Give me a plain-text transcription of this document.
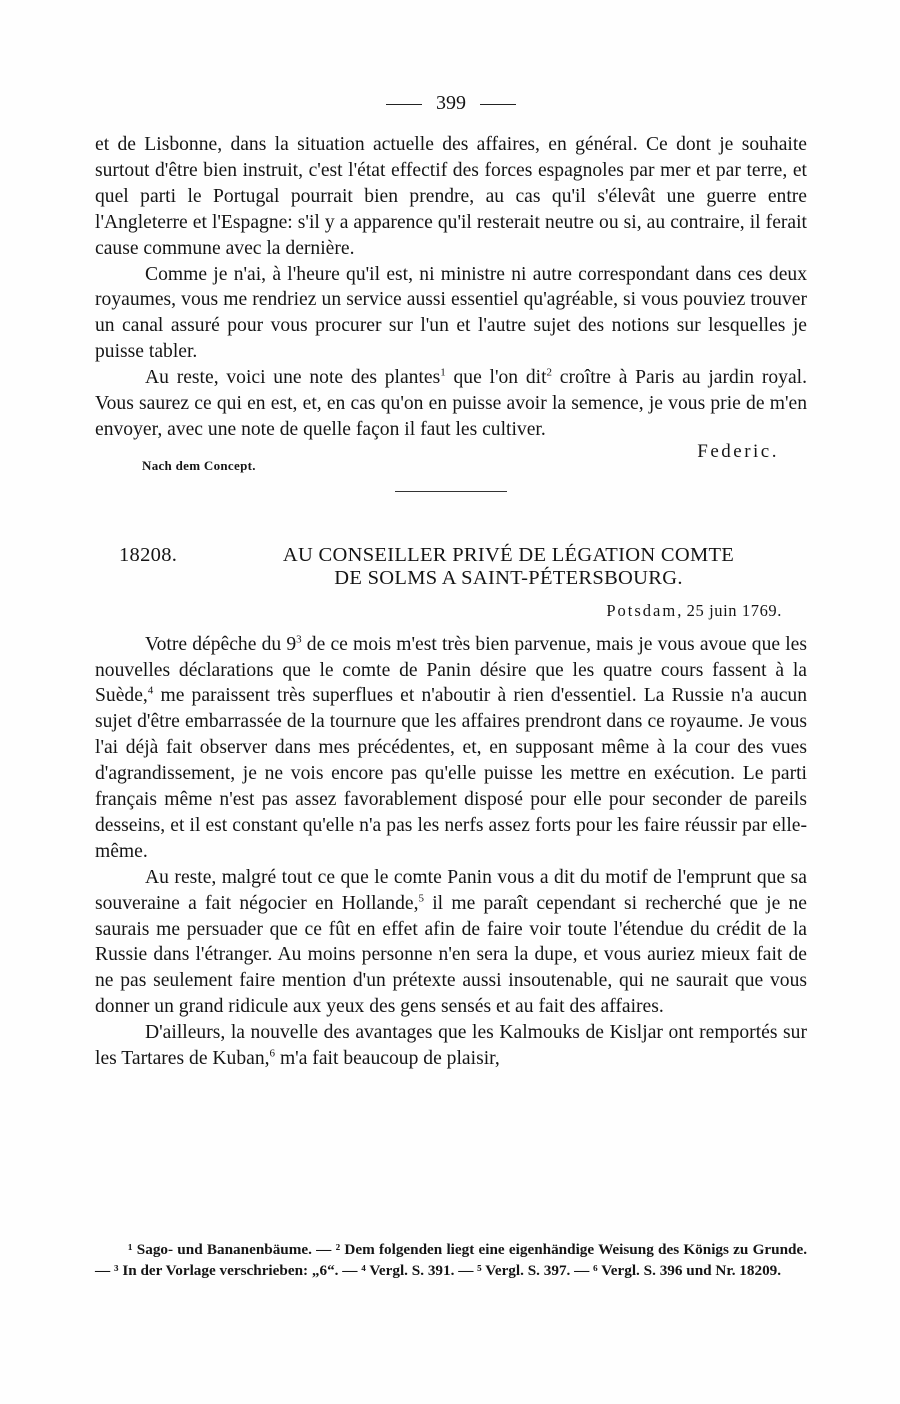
399

et de Lisbonne, dans la situation actuelle des affaires, en général. Ce dont je souhaite surtout d'être bien instruit, c'est l'état effectif des forces espagnoles par mer et par terre, et quel parti le Portugal pourrait bien prendre, au cas qu'il s'élevât une guerre entre l'Angleterre et l'Espagne: s'il y a apparence qu'il resterait neutre ou si, au contraire, il ferait cause commune avec la dernière.

Comme je n'ai, à l'heure qu'il est, ni ministre ni autre correspondant dans ces deux royaumes, vous me rendriez un service aussi essentiel qu'agréable, si vous pouviez trouver un canal assuré pour vous procurer sur l'un et l'autre sujet des notions sur lesquelles je puisse tabler.

Au reste, voici une note des plantes$^1$ que l'on dit$^2$ croître à Paris au jardin royal. Vous saurez ce qui en est, et, en cas qu'on en puisse avoir la semence, je vous prie de m'en envoyer, avec une note de quelle façon il faut les cultiver.

Federic.
Nach dem Concept.
18208.	AU CONSEILLER PRIVÉ DE LÉGATION COMTE
DE SOLMS A SAINT-PÉTERSBOURG.
Potsdam, 25 juin 1769.

Votre dépêche du $9^3$ de ce mois m'est très bien parvenue, mais je vous avoue que les nouvelles déclarations que le comte de Panin désire que les quatre cours fassent à la Suède,$^4$ me paraissent très superflues et n'aboutir à rien d'essentiel. La Russie n'a aucun sujet d'être embarrassée de la tournure que les affaires prendront dans ce royaume. Je vous l'ai déjà fait observer dans mes précédentes, et, en supposant même à la cour des vues d'agrandissement, je ne vois encore pas qu'elle puisse les mettre en exécution. Le parti français même n'est pas assez favorablement disposé pour elle pour seconder de pareils desseins, et il est constant qu'elle n'a pas les nerfs assez forts pour les faire réussir par elle-même.

Au reste, malgré tout ce que le comte Panin vous a dit du motif de l'emprunt que sa souveraine a fait négocier en Hollande,$^5$ il me paraît cependant si recherché que je ne saurais me persuader que ce fût en effet afin de faire voir toute l'étendue du crédit de la Russie dans l'étranger. Au moins personne n'en sera la dupe, et vous auriez mieux fait de ne pas seulement faire mention d'un prétexte aussi insoutenable, qui ne saurait que vous donner un grand ridicule aux yeux des gens sensés et au fait des affaires.

D'ailleurs, la nouvelle des avantages que les Kalmouks de Kisljar ont remportés sur les Tartares de Kuban,$^6$ m'a fait beaucoup de plaisir,

¹ Sago- und Bananenbäume. — ² Dem folgenden liegt eine eigenhändige Weisung des Königs zu Grunde. — ³ In der Vorlage verschrieben: „6“. — ⁴ Vergl. S. 391. — ⁵ Vergl. S. 397. — ⁶ Vergl. S. 396 und Nr. 18209.
